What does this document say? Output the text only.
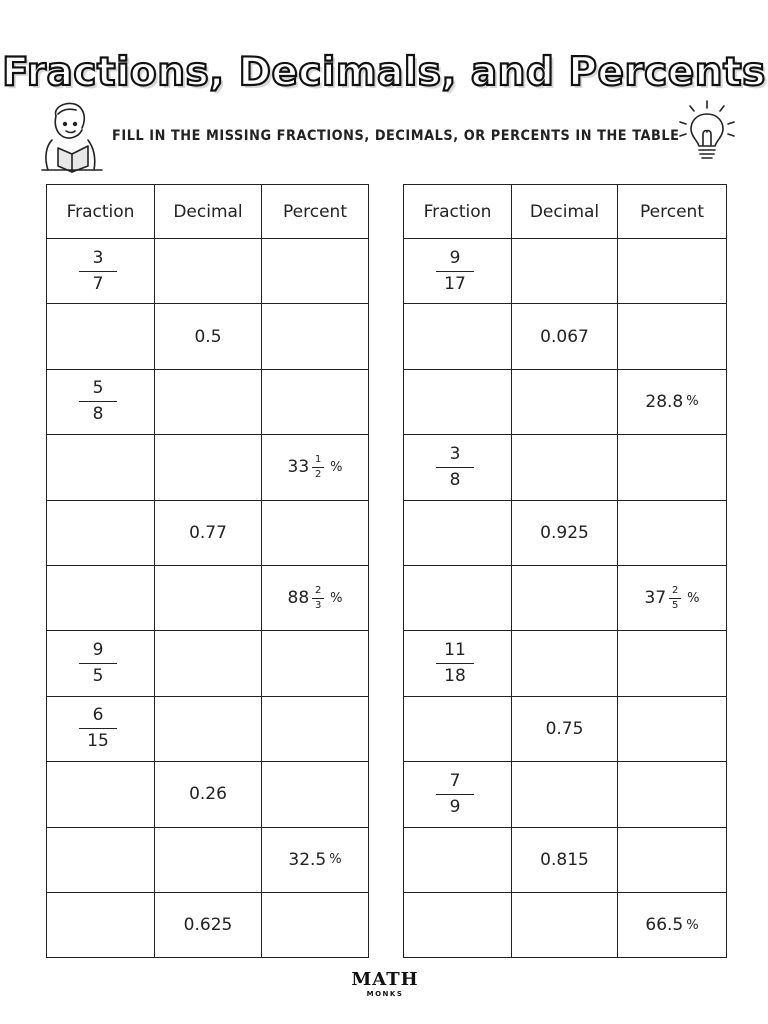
Fractions, Decimals, and Percents
FILL IN THE MISSING FRACTIONS, DECIMALS, OR PERCENTS IN THE TABLE
Fraction	Decimal	Percent

$\frac{3}{7}$

	0.5	

$\frac{5}{8}$

		$33 \frac{1}{2}$ %

	0.77	

		$88 \frac{2}{3}$ %

$\frac{9}{5}$

$\frac{6}{15}$

	0.26	

		32.5 %

	0.625	
Fraction	Decimal	Percent

$\frac{9}{17}$

	0.067	

		28.8 %

$\frac{3}{8}$

	0.925	

		$37 \frac{2}{5}$ %

$\frac{11}{18}$

	0.75	

$\frac{7}{9}$

	0.815	

		66.5 %
MATH
MONKS
